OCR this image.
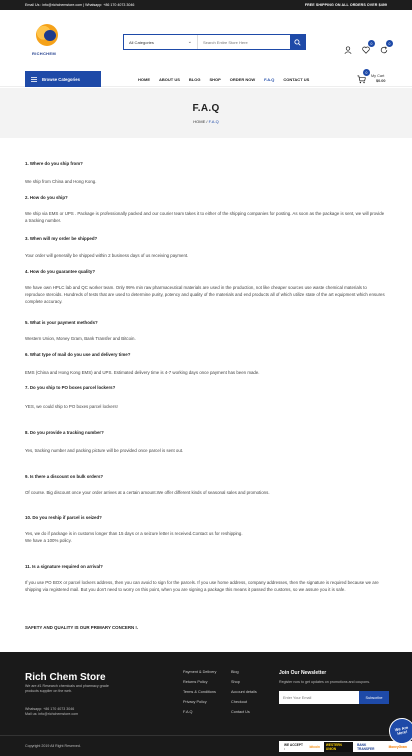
Email Us : info@richchemstore.com | Whatsapp: +86 170 4073 3046	FREE SHIPPING ON ALL ORDERS OVER $499
RICHCHEM
All Categories	⌄
Search Entire Store Here	0	0
Browse Categories	HOME ABOUT US BLOG SHOP ORDER NOW F.A.Q CONTACT US
0
My Cart
$0.00
F.A.Q
HOME / F.A.Q

1. Where do you ship from?

We ship from China and Hong Kong.

2. How do you ship?

We ship via EMS or UPS . Package is professionally packed and our courier team takes it to either of the shipping companies for posting. As soon as the package is sent, we will provide a tracking number.

3. When will my order be shipped?

Your order will generally be shipped within 2 business days of us receiving payment.

4. How do you guarantee quality?

We have own HPLC lab and QC worker team. Only 99% min raw pharmaceutical materials are used in the production, not like cheaper sources use waste chemical materials to reproduce steroids. Hundreds of tests that are used to determine purity, potency and quality of the materials and end products all of which utilize state of the art equipment which ensures complete accuracy.

5. What is your payment methods?

Western Union, Money Gram, Bank Transfer and Bitcoin.

6. What type of mail do you use and delivery time?

EMS (China and Hong Kong EMS) and UPS. Estimated delivery time is 4-7 working days once payment has been made.

7. Do you ship to PO boxes parcel lockers?

YES, we could ship to PO boxes parcel lockers!

8. Do you provide a tracking number?

Yes, tracking number and packing picture will be provided once parcel is sent out.

9. Is there a discount on bulk orders?

Of course. Big discount once your order arrives at a certain amount.We offer different kinds of seasonal sales and promotions.

10. Do you reship if parcel is seized?

Yes, we do if package is in customs longer than 15 days or a seizure letter is received.Contact us for reshipping. We have a 100% policy.

11. Is a signature required on arrival?

If you use PO BOX or parcel lockers address, then you can avoid to sign for the parcels. If you use home address, company addresses, then the signature is required because we are shipping via registered mail. But you don't need to worry on this point, when you are signing a package this means it passed the customs, so we assure you it is safe.

SAFETY AND QUALITY IS OUR PRIMARY CONCERN !.

Rich Chem Store
We are #1 Research chemicals and pharmacy grade products supplier on the web.
Whatsapp: +86 170 4073 3046
Mail us: info@richchemstore.com
Payment & Delivery
Returns Policy
Terms & Conditions
Privacy Policy
F.A.Q
Blog
Shop
Account details
Checkout
Contact Us
Join Our Newsletter

Register now to get updates on promotions and coupons.

Enter Your Email
Subscribe
Copyright 2019 All Right Reserved.	WE ACCEPT :	bitcoin	WESTERN UNION
BANK TRANSFER	MoneyGram
We Are Here!
